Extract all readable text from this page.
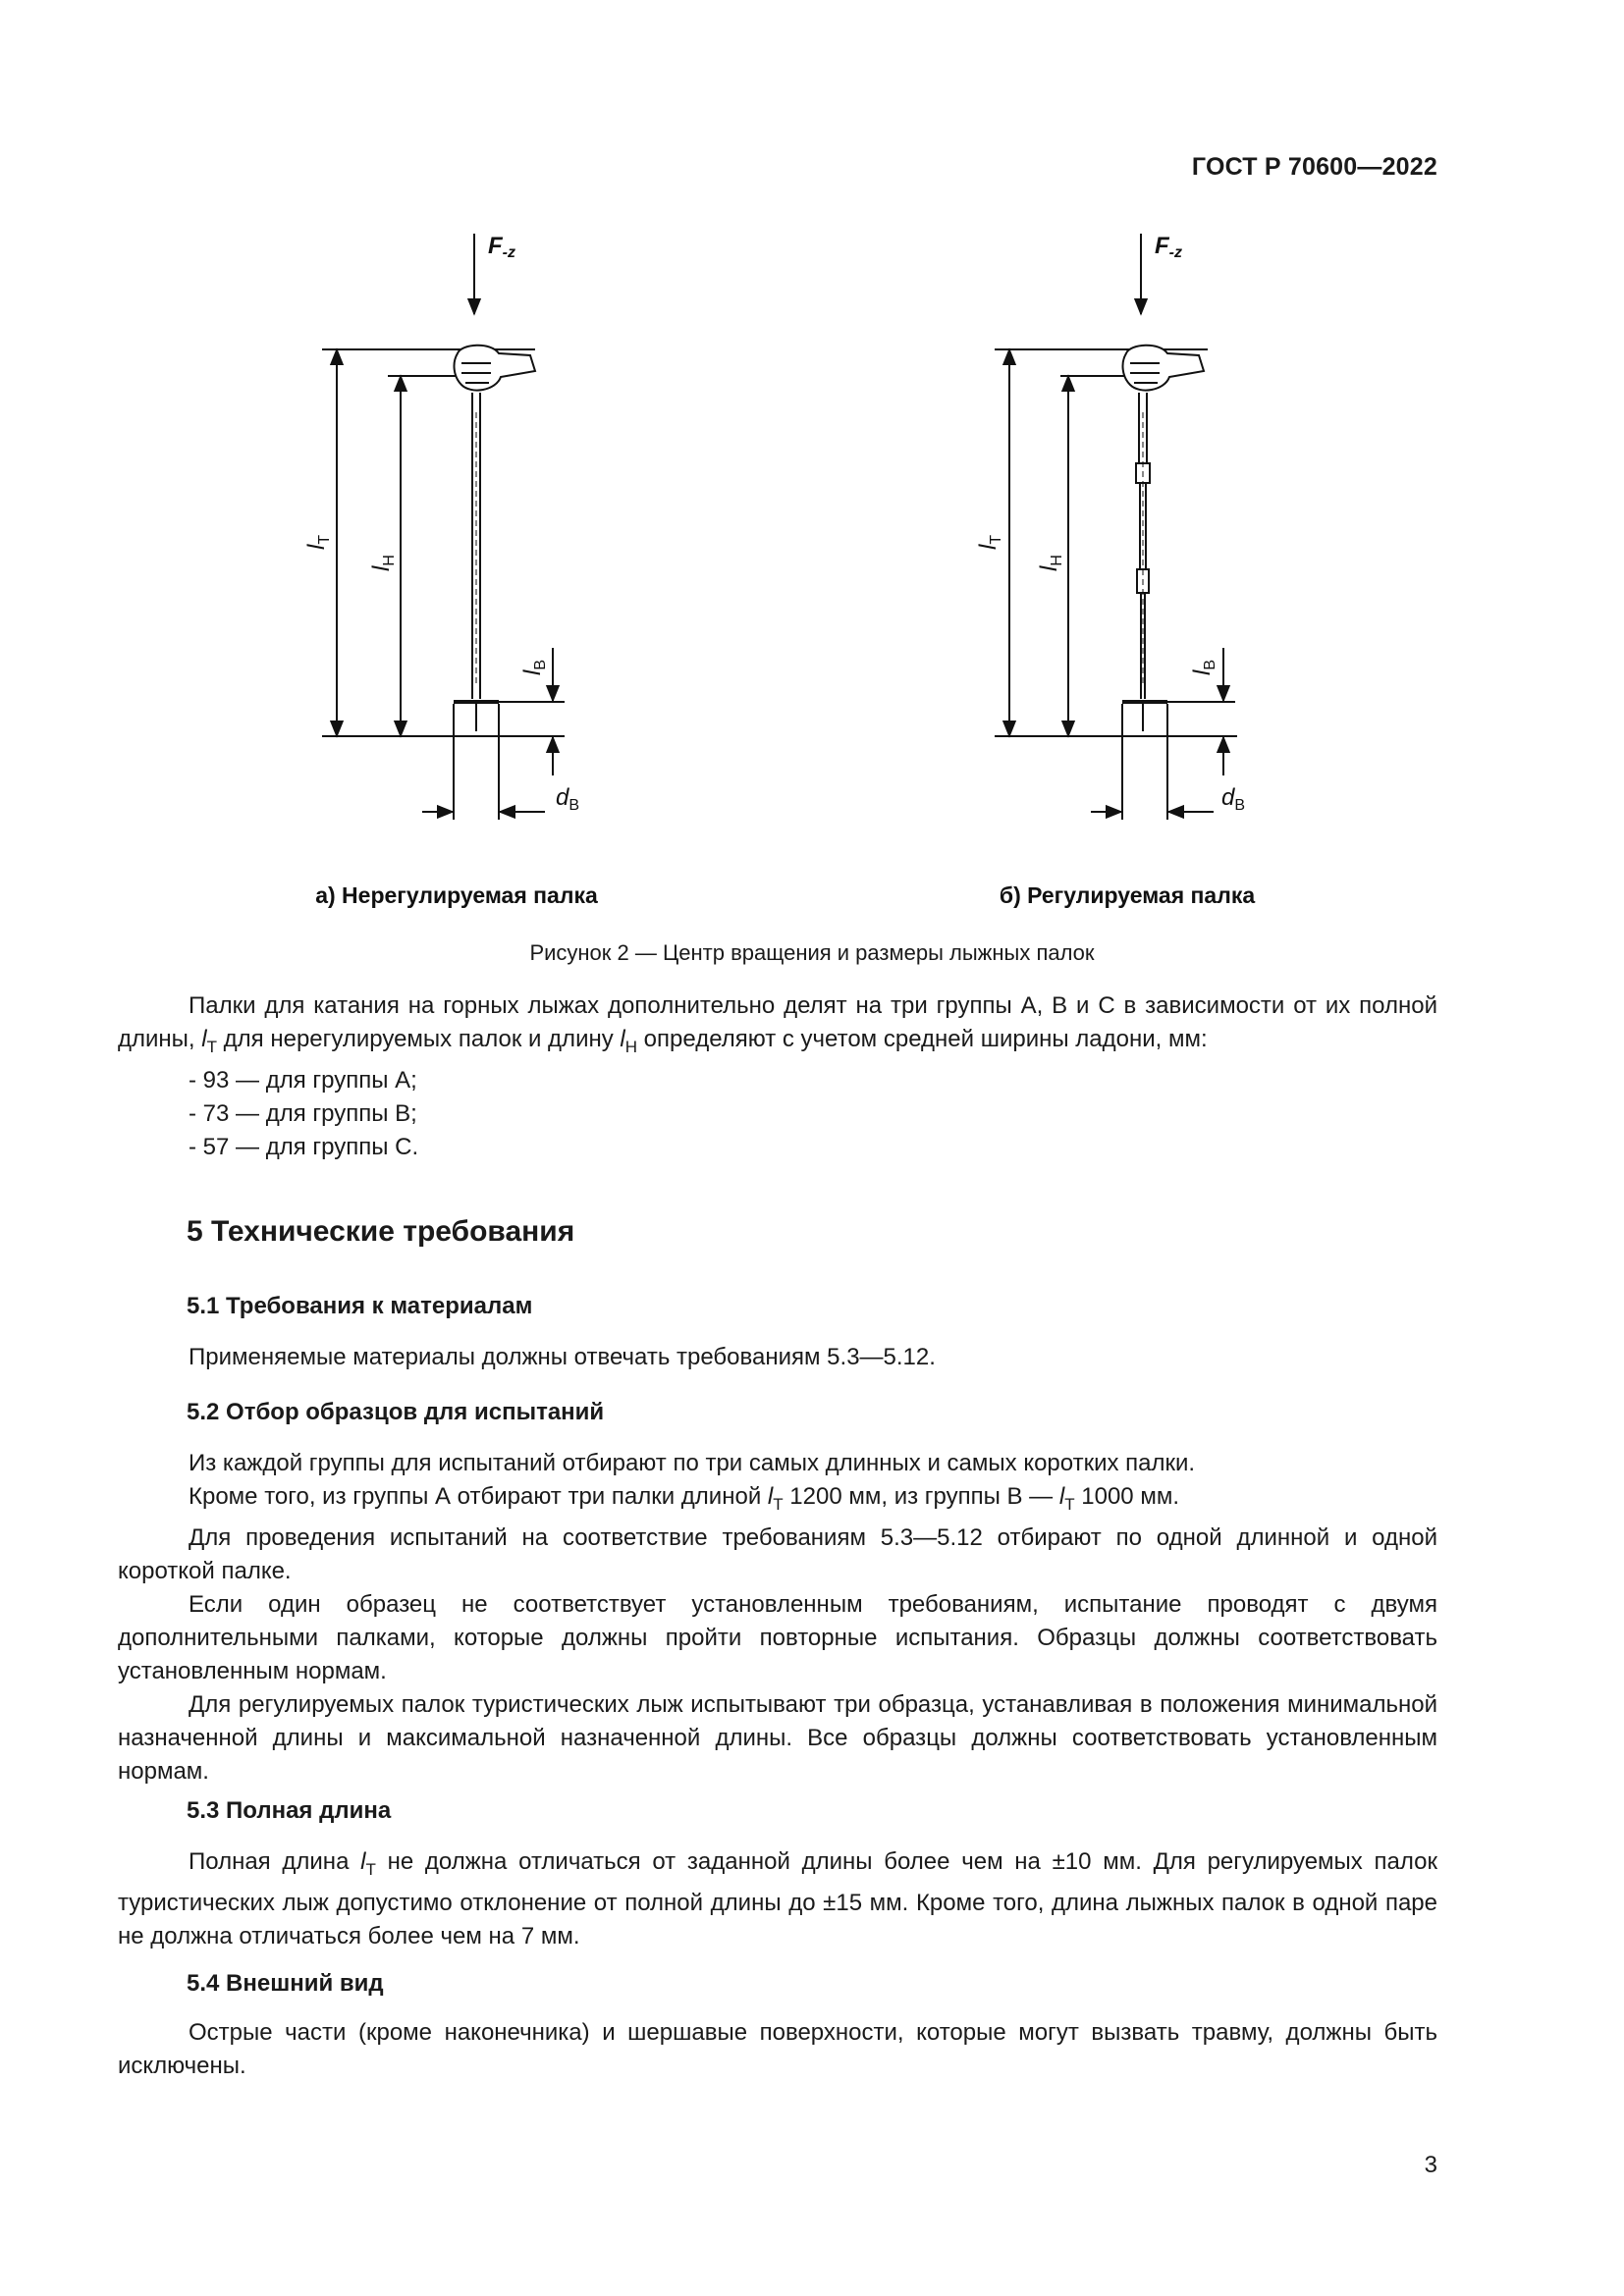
ГОСТ Р 70600—2022
F-z
$l_Т$
$l_Н$
$l_В$
$d_В$
F-z
$l_Т$
$l_Н$
$l_В$
$d_В$
а) Нерегулируемая палка	б) Регулируемая палка
Рисунок 2 — Центр вращения и размеры лыжных палок

Палки для катания на горных лыжах дополнительно делят на три группы А, В и С в зависимости от их полной длины, $l_Т$ для нерегулируемых палок и длину $l_Н$ определяют с учетом средней ширины ладони, мм:

- 93 — для группы А;

- 73 — для группы В;

- 57 — для группы С.

5 Технические требования
5.1 Требования к материалам

Применяемые материалы должны отвечать требованиям 5.3—5.12.

5.2 Отбор образцов для испытаний

Из каждой группы для испытаний отбирают по три самых длинных и самых коротких палки.

Кроме того, из группы А отбирают три палки длиной $l_Т$ 1200 мм, из группы В — $l_Т$ 1000 мм.

Для проведения испытаний на соответствие требованиям 5.3—5.12 отбирают по одной длинной и одной короткой палке.

Если один образец не соответствует установленным требованиям, испытание проводят с двумя дополнительными палками, которые должны пройти повторные испытания. Образцы должны соответствовать установленным нормам.

Для регулируемых палок туристических лыж испытывают три образца, устанавливая в положения минимальной назначенной длины и максимальной назначенной длины. Все образцы должны соответствовать установленным нормам.

5.3 Полная длина

Полная длина $l_Т$ не должна отличаться от заданной длины более чем на ±10 мм. Для регулируемых палок туристических лыж допустимо отклонение от полной длины до ±15 мм. Кроме того, длина лыжных палок в одной паре не должна отличаться более чем на 7 мм.

5.4 Внешний вид

Острые части (кроме наконечника) и шершавые поверхности, которые могут вызвать травму, должны быть исключены.

3
